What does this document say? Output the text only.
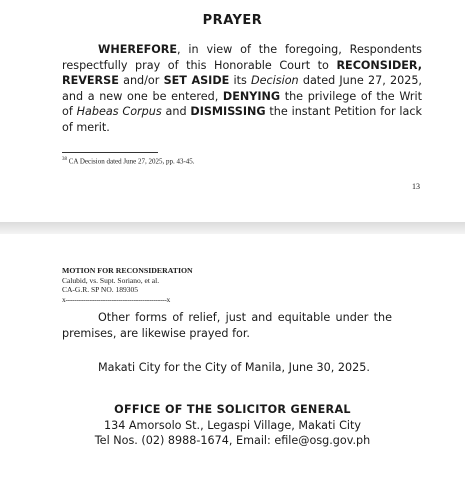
PRAYER

WHEREFORE, in view of the foregoing, Respondents respectfully pray of this Honorable Court to RECONSIDER, REVERSE and/or SET ASIDE its Decision dated June 27, 2025, and a new one be entered, DENYING the privilege of the Writ of Habeas Corpus and DISMISSING the instant Petition for lack of merit.

$^{38}$ CA Decision dated June 27, 2025, pp. 43-45.
13
MOTION FOR RECONSIDERATION
Calubid, vs. Supt. Soriano, et al.
CA-G.R. SP NO. 189305
x----------------------------------------------x

Other forms of relief, just and equitable under the premises, are likewise prayed for.

Makati City for the City of Manila, June 30, 2025.
OFFICE OF THE SOLICITOR GENERAL
134 Amorsolo St., Legaspi Village, Makati City
Tel Nos. (02) 8988-1674, Email: efile@osg.gov.ph
